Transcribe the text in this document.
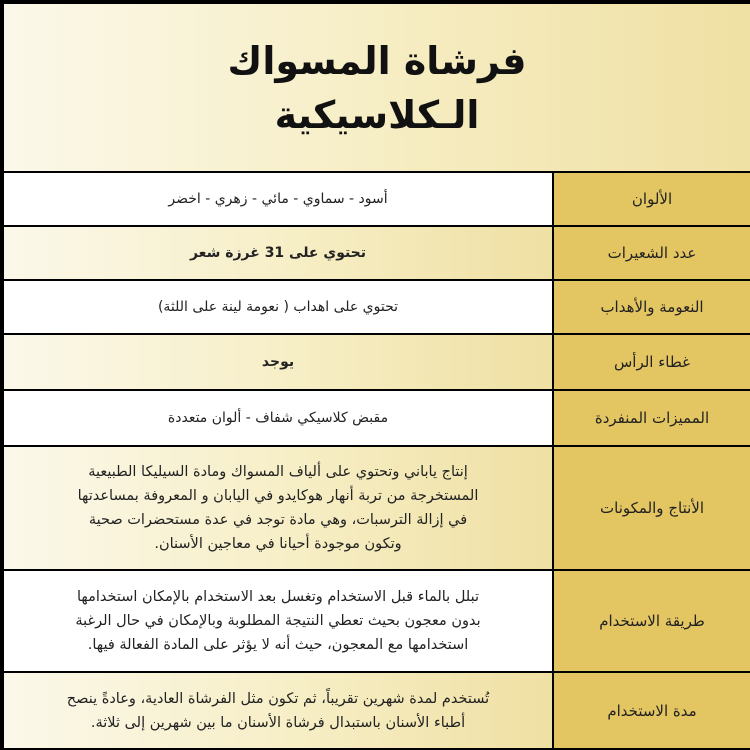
فرشاة المسواك
الـكلاسيكية
الألوان
أسود - سماوي - مائي - زهري - اخضر
عدد الشعيرات
تحتوي على 31 غرزة شعر
النعومة والأهداب
تحتوي على اهداب ( نعومة لينة على اللثة)
غطاء الرأس
يوجد
المميزات المنفردة
مقبض كلاسيكي شفاف - ألوان متعددة
الأنتاج والمكونات
إنتاج ياباني وتحتوي على ألياف المسواك ومادة السيليكا الطبيعية
المستخرجة من تربة أنهار هوكايدو في اليابان و المعروفة بمساعدتها
في إزالة الترسبات، وهي مادة توجد في عدة مستحضرات صحية
وتكون موجودة أحيانا في معاجين الأسنان.
طريقة الاستخدام
تبلل بالماء قبل الاستخدام وتغسل بعد الاستخدام بالإمكان استخدامها
بدون معجون بحيث تعطي النتيجة المطلوبة وبالإمكان في حال الرغبة
استخدامها مع المعجون، حيث أنه لا يؤثر على المادة الفعالة فيها.
مدة الاستخدام
تُستخدم لمدة شهرين تقريباً، ثم تكون مثل الفرشاة العادية، وعادةً ينصح
أطباء الأسنان باستبدال فرشاة الأسنان ما بين شهرين إلى ثلاثة.
